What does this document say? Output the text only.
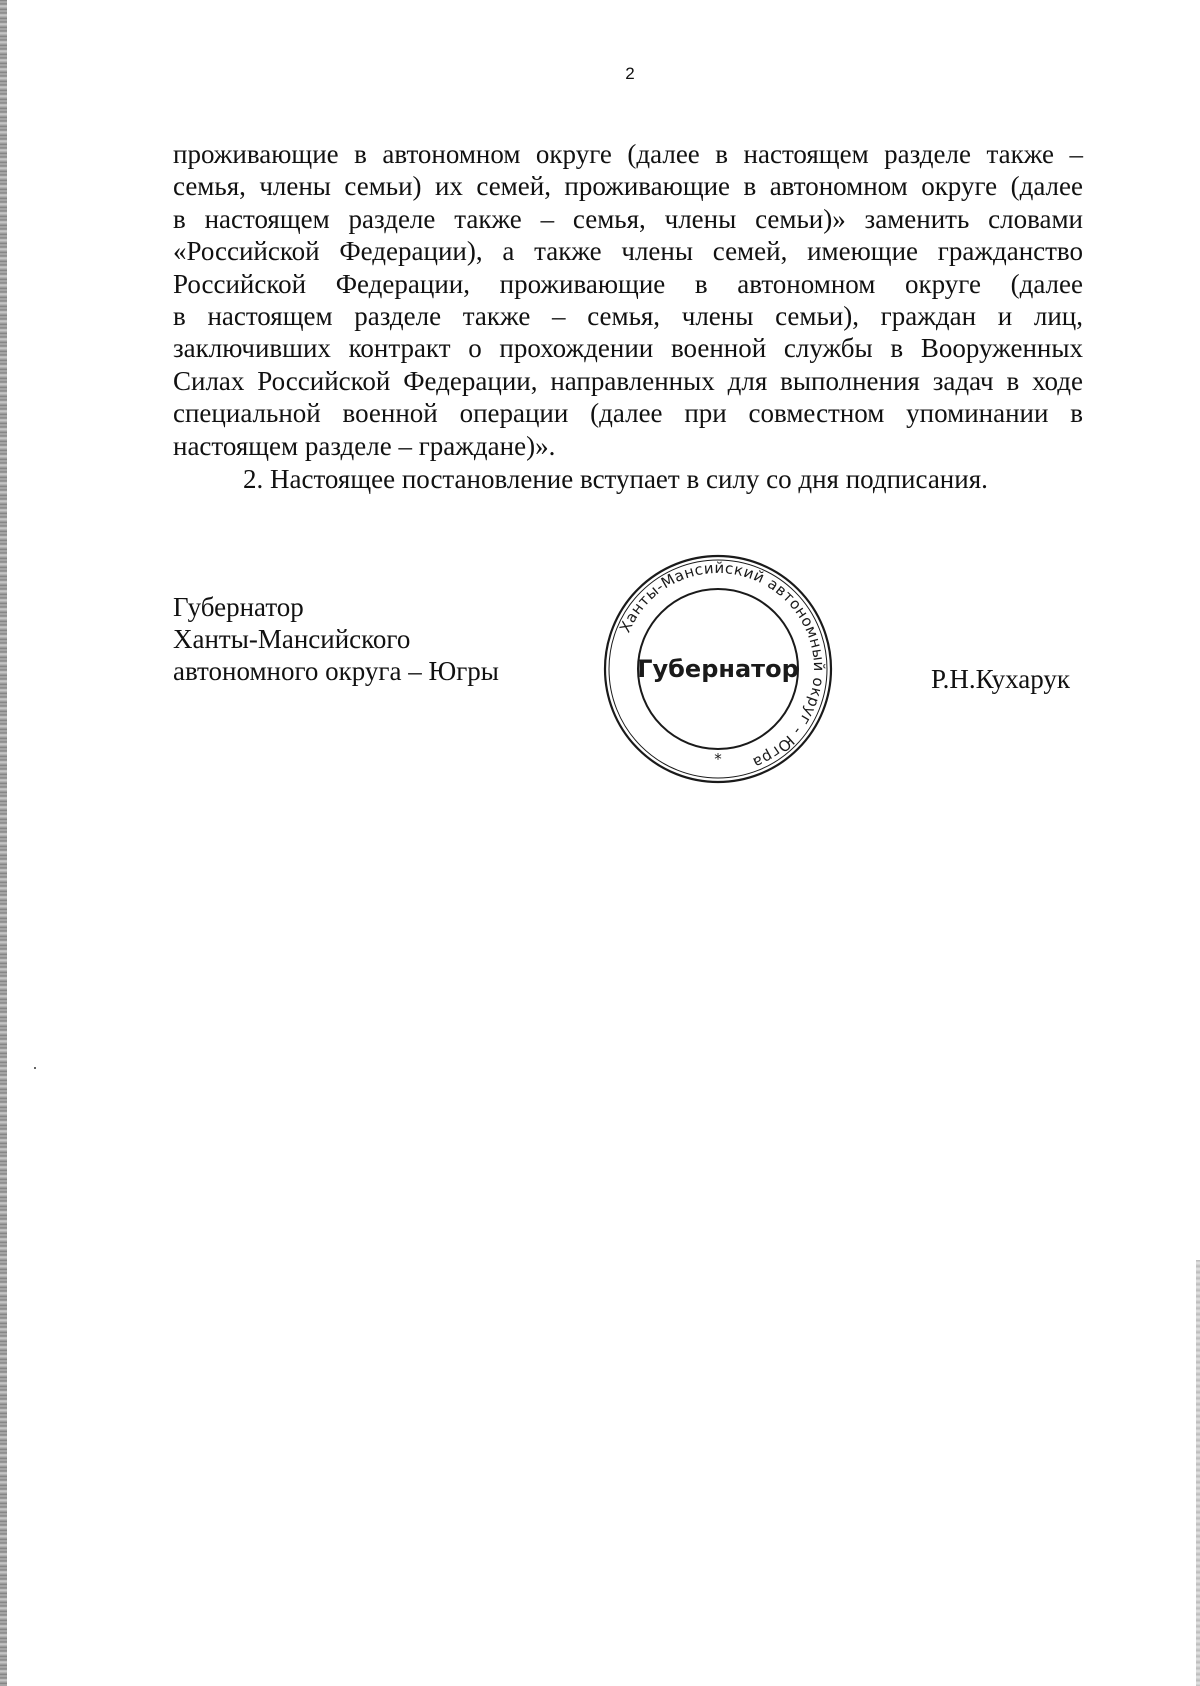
2
проживающие в автономном округе (далее в настоящем разделе также –
семья, члены семьи) их семей, проживающие в автономном округе (далее
в настоящем разделе также – семья, члены семьи)» заменить словами
«Российской Федерации), а также члены семей, имеющие гражданство
Российской Федерации, проживающие в автономном округе (далее
в настоящем разделе также – семья, члены семьи), граждан и лиц,
заключивших контракт о прохождении военной службы в Вооруженных
Силах Российской Федерации, направленных для выполнения задач в ходе
специальной военной операции (далее при совместном упоминании в
настоящем разделе – граждане)».
2. Настоящее постановление вступает в силу со дня подписания.
Губернатор
Ханты-Мансийского
автономного округа – Югры
Ханты-Мансийский автономный округ - Югра
Губернатор
*
Р.Н.Кухарук
